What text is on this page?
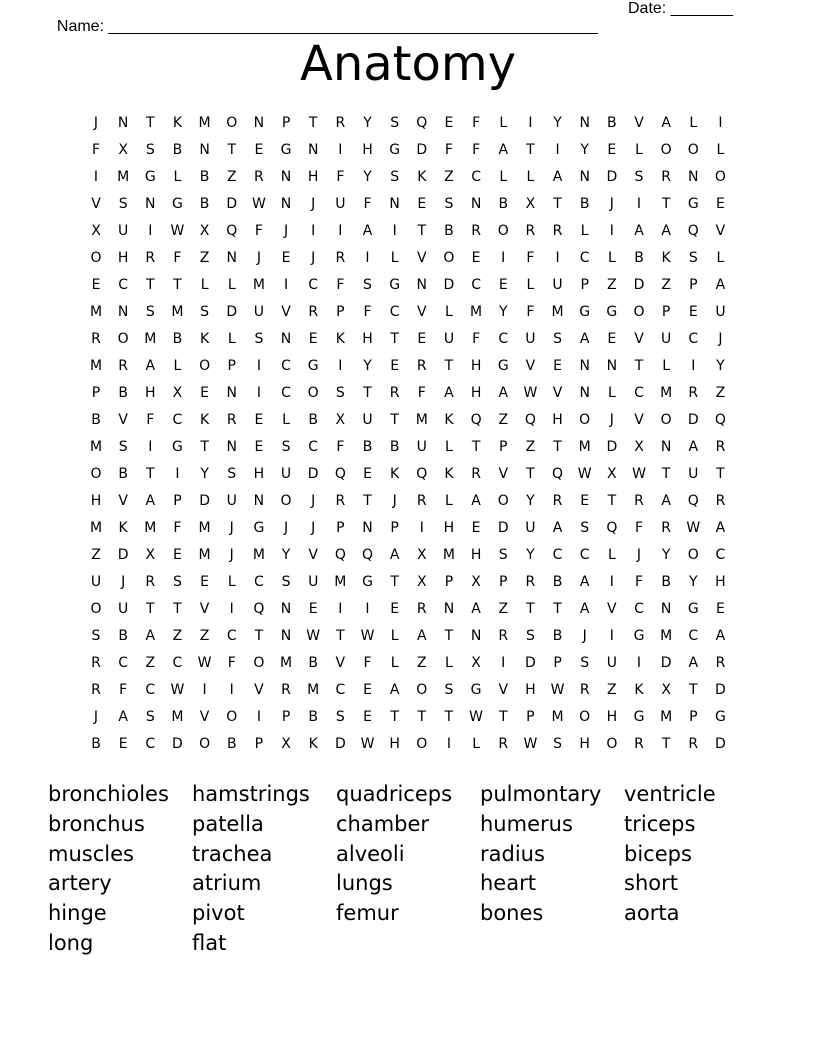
Name: _______________________________________________________

Date: _______

Anatomy
J	N	T	K	M	O	N	P	T	R	Y	S	Q	E	F	L	I	Y	N	B	V	A	L	I
F	X	S	B	N	T	E	G	N	I	H	G	D	F	F	A	T	I	Y	E	L	O	O	L
I	M	G	L	B	Z	R	N	H	F	Y	S	K	Z	C	L	L	A	N	D	S	R	N	O
V	S	N	G	B	D	W	N	J	U	F	N	E	S	N	B	X	T	B	J	I	T	G	E
X	U	I	W	X	Q	F	J	I	I	A	I	T	B	R	O	R	R	L	I	A	A	Q	V
O	H	R	F	Z	N	J	E	J	R	I	L	V	O	E	I	F	I	C	L	B	K	S	L
E	C	T	T	L	L	M	I	C	F	S	G	N	D	C	E	L	U	P	Z	D	Z	P	A
M	N	S	M	S	D	U	V	R	P	F	C	V	L	M	Y	F	M	G	G	O	P	E	U
R	O	M	B	K	L	S	N	E	K	H	T	E	U	F	C	U	S	A	E	V	U	C	J
M	R	A	L	O	P	I	C	G	I	Y	E	R	T	H	G	V	E	N	N	T	L	I	Y
P	B	H	X	E	N	I	C	O	S	T	R	F	A	H	A	W	V	N	L	C	M	R	Z
B	V	F	C	K	R	E	L	B	X	U	T	M	K	Q	Z	Q	H	O	J	V	O	D	Q
M	S	I	G	T	N	E	S	C	F	B	B	U	L	T	P	Z	T	M	D	X	N	A	R
O	B	T	I	Y	S	H	U	D	Q	E	K	Q	K	R	V	T	Q	W	X	W	T	U	T
H	V	A	P	D	U	N	O	J	R	T	J	R	L	A	O	Y	R	E	T	R	A	Q	R
M	K	M	F	M	J	G	J	J	P	N	P	I	H	E	D	U	A	S	Q	F	R	W	A
Z	D	X	E	M	J	M	Y	V	Q	Q	A	X	M	H	S	Y	C	C	L	J	Y	O	C
U	J	R	S	E	L	C	S	U	M	G	T	X	P	X	P	R	B	A	I	F	B	Y	H
O	U	T	T	V	I	Q	N	E	I	I	E	R	N	A	Z	T	T	A	V	C	N	G	E
S	B	A	Z	Z	C	T	N	W	T	W	L	A	T	N	R	S	B	J	I	G	M	C	A
R	C	Z	C	W	F	O	M	B	V	F	L	Z	L	X	I	D	P	S	U	I	D	A	R
R	F	C	W	I	I	V	R	M	C	E	A	O	S	G	V	H	W	R	Z	K	X	T	D
J	A	S	M	V	O	I	P	B	S	E	T	T	T	W	T	P	M	O	H	G	M	P	G
B	E	C	D	O	B	P	X	K	D	W	H	O	I	L	R	W	S	H	O	R	T	R	D
bronchioles hamstrings quadriceps pulmontary ventricle
bronchus patella	chamber humerus triceps
muscles	trachea	alveoli	radius	biceps
artery	atrium	lungs	heart	short
hinge	pivot	femur	bones	aorta
long	flat
